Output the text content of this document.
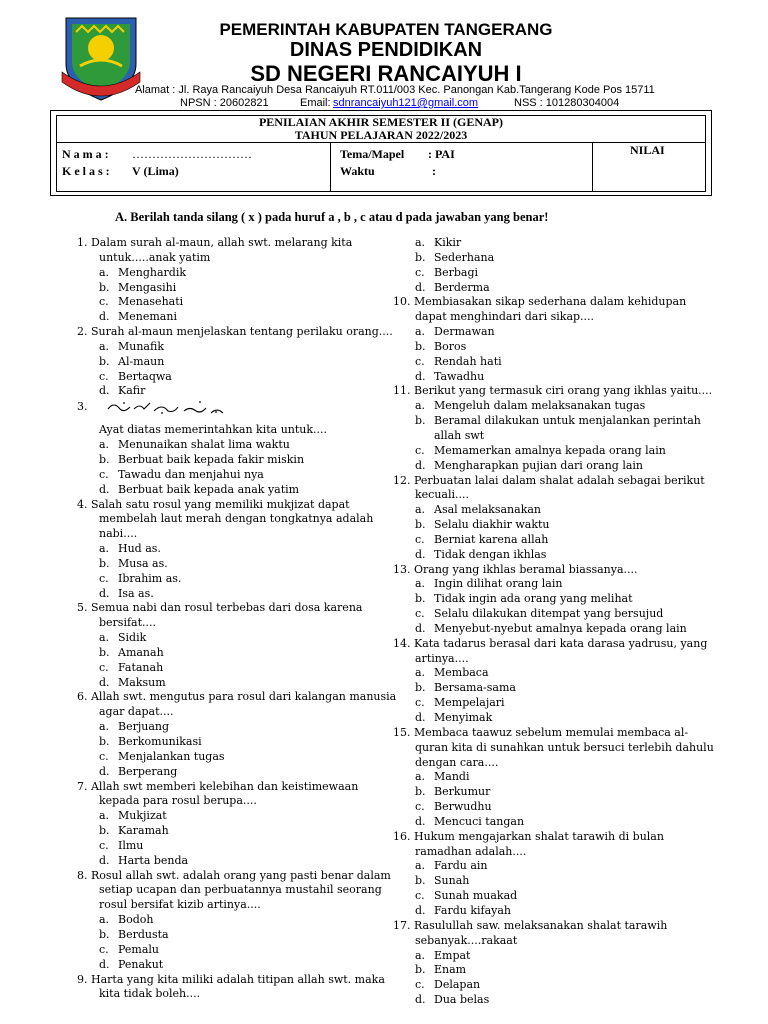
PEMERINTAH KABUPATEN TANGERANG
DINAS PENDIDIKAN
SD NEGERI RANCAIYUH I
Alamat : Jl. Raya Rancaiyuh Desa Rancaiyuh RT.011/003 Kec. Panongan Kab.Tangerang Kode Pos 15711
NPSN : 20602821	Email: sdnrancaiyuh121@gmail.com	NSS : 101280304004
PENILAIAN AKHIR SEMESTER II (GENAP)
TAHUN PELAJARAN 2022/2023
N a m a : …………………………
K e l a s : V (Lima)
Tema/Mapel : PAI
Waktu	:
NILAI
A. Berilah tanda silang ( x ) pada huruf a , b , c atau d pada jawaban yang benar!
1. Dalam surah al-maun, allah swt. melarang kita
untuk.....anak yatim
a. Menghardik
b. Mengasihi
c. Menasehati
d. Menemani
2. Surah al-maun menjelaskan tentang perilaku orang....
a. Munafik
b. Al-maun
c. Bertaqwa
d. Kafir
3.
Ayat diatas memerintahkan kita untuk....
a. Menunaikan shalat lima waktu
b. Berbuat baik kepada fakir miskin
c. Tawadu dan menjahui nya
d. Berbuat baik kepada anak yatim
4. Salah satu rosul yang memiliki mukjizat dapat
membelah laut merah dengan tongkatnya adalah
nabi....
a. Hud as.
b. Musa as.
c. Ibrahim as.
d. Isa as.
5. Semua nabi dan rosul terbebas dari dosa karena
bersifat....
a. Sidik
b. Amanah
c. Fatanah
d. Maksum
6. Allah swt. mengutus para rosul dari kalangan manusia
agar dapat....
a. Berjuang
b. Berkomunikasi
c. Menjalankan tugas
d. Berperang
7. Allah swt memberi kelebihan dan keistimewaan
kepada para rosul berupa....
a. Mukjizat
b. Karamah
c. Ilmu
d. Harta benda
8. Rosul allah swt. adalah orang yang pasti benar dalam
setiap ucapan dan perbuatannya mustahil seorang
rosul bersifat kizib artinya....
a. Bodoh
b. Berdusta
c. Pemalu
d. Penakut
9. Harta yang kita miliki adalah titipan allah swt. maka
kita tidak boleh....
a. Kikir
b. Sederhana
c. Berbagi
d. Berderma
10. Membiasakan sikap sederhana dalam kehidupan
dapat menghindari dari sikap....
a. Dermawan
b. Boros
c. Rendah hati
d. Tawadhu
11. Berikut yang termasuk ciri orang yang ikhlas yaitu....
a. Mengeluh dalam melaksanakan tugas
b. Beramal dilakukan untuk menjalankan perintah
allah swt
c. Memamerkan amalnya kepada orang lain
d. Mengharapkan pujian dari orang lain
12. Perbuatan lalai dalam shalat adalah sebagai berikut
kecuali....
a. Asal melaksanakan
b. Selalu diakhir waktu
c. Berniat karena allah
d. Tidak dengan ikhlas
13. Orang yang ikhlas beramal biassanya....
a. Ingin dilihat orang lain
b. Tidak ingin ada orang yang melihat
c. Selalu dilakukan ditempat yang bersujud
d. Menyebut-nyebut amalnya kepada orang lain
14. Kata tadarus berasal dari kata darasa yadrusu, yang
artinya....
a. Membaca
b. Bersama-sama
c. Mempelajari
d. Menyimak
15. Membaca taawuz sebelum memulai membaca al-
quran kita di sunahkan untuk bersuci terlebih dahulu
dengan cara....
a. Mandi
b. Berkumur
c. Berwudhu
d. Mencuci tangan
16. Hukum mengajarkan shalat tarawih di bulan
ramadhan adalah....
a. Fardu ain
b. Sunah
c. Sunah muakad
d. Fardu kifayah
17. Rasulullah saw. melaksanakan shalat tarawih
sebanyak....rakaat
a. Empat
b. Enam
c. Delapan
d. Dua belas
